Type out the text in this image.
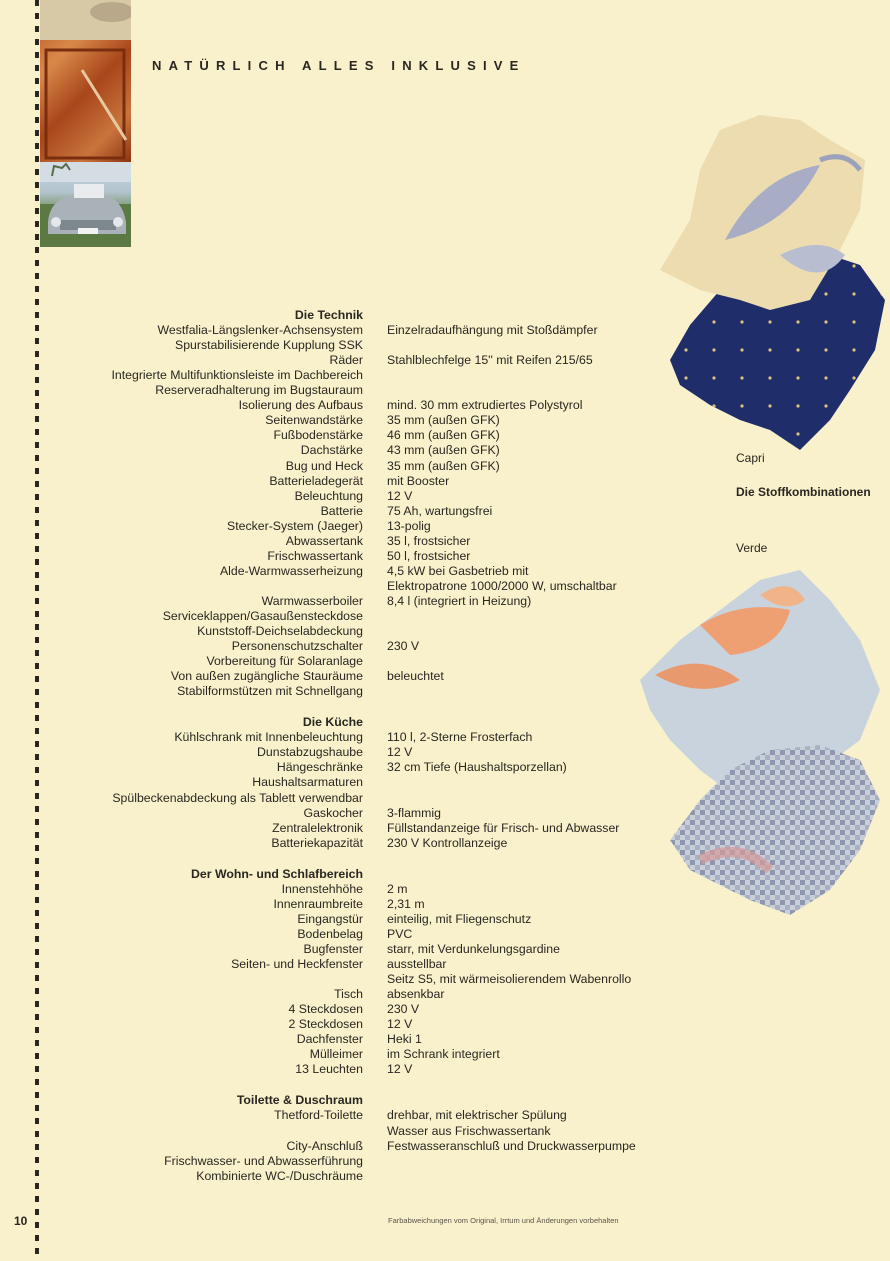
NATÜRLICH ALLES INKLUSIVE
Die Technik
Westfalia-Längslenker-Achsensystem Einzelradaufhängung mit Stoßdämpfer
Spurstabilisierende Kupplung SSK
Räder Stahlblechfelge 15'' mit Reifen 215/65
Integrierte Multifunktionsleiste im Dachbereich
Reserveradhalterung im Bugstauraum
Isolierung des Aufbaus mind. 30 mm extrudiertes Polystyrol
Seitenwandstärke 35 mm (außen GFK)
Fußbodenstärke 46 mm (außen GFK)
Dachstärke 43 mm (außen GFK)
Bug und Heck 35 mm (außen GFK)
Batterieladegerät mit Booster
Beleuchtung 12 V
Batterie 75 Ah, wartungsfrei
Stecker-System (Jaeger) 13-polig
Abwassertank 35 l, frostsicher
Frischwassertank 50 l, frostsicher
Alde-Warmwasserheizung 4,5 kW bei Gasbetrieb mit
Elektropatrone 1000/2000 W, umschaltbar
Warmwasserboiler 8,4 l (integriert in Heizung)
Serviceklappen/Gasaußensteckdose
Kunststoff-Deichselabdeckung
Personenschutzschalter 230 V
Vorbereitung für Solaranlage
Von außen zugängliche Stauräume beleuchtet
Stabilformstützen mit Schnellgang
Die Küche
Kühlschrank mit Innenbeleuchtung 110 l, 2-Sterne Frosterfach
Dunstabzugshaube 12 V
Hängeschränke 32 cm Tiefe (Haushaltsporzellan)
Haushaltsarmaturen
Spülbeckenabdeckung als Tablett verwendbar
Gaskocher 3-flammig
Zentralelektronik Füllstandanzeige für Frisch- und Abwasser
Batteriekapazität 230 V Kontrollanzeige
Der Wohn- und Schlafbereich
Innenstehhöhe 2 m
Innenraumbreite 2,31 m
Eingangstür einteilig, mit Fliegenschutz
Bodenbelag PVC
Bugfenster starr, mit Verdunkelungsgardine
Seiten- und Heckfenster ausstellbar
Seitz S5, mit wärmeisolierendem Wabenrollo
Tisch absenkbar
4 Steckdosen 230 V
2 Steckdosen 12 V
Dachfenster Heki 1
Mülleimer im Schrank integriert
13 Leuchten 12 V
Toilette & Duschraum
Thetford-Toilette drehbar, mit elektrischer Spülung
Wasser aus Frischwassertank
City-Anschluß Festwasseranschluß und Druckwasserpumpe
Frischwasser- und Abwasserführung
Kombinierte WC-/Duschräume
Capri
Die Stoffkombinationen
Verde
10	Farbabweichungen vom Original, Irrtum und Änderungen vorbehalten
